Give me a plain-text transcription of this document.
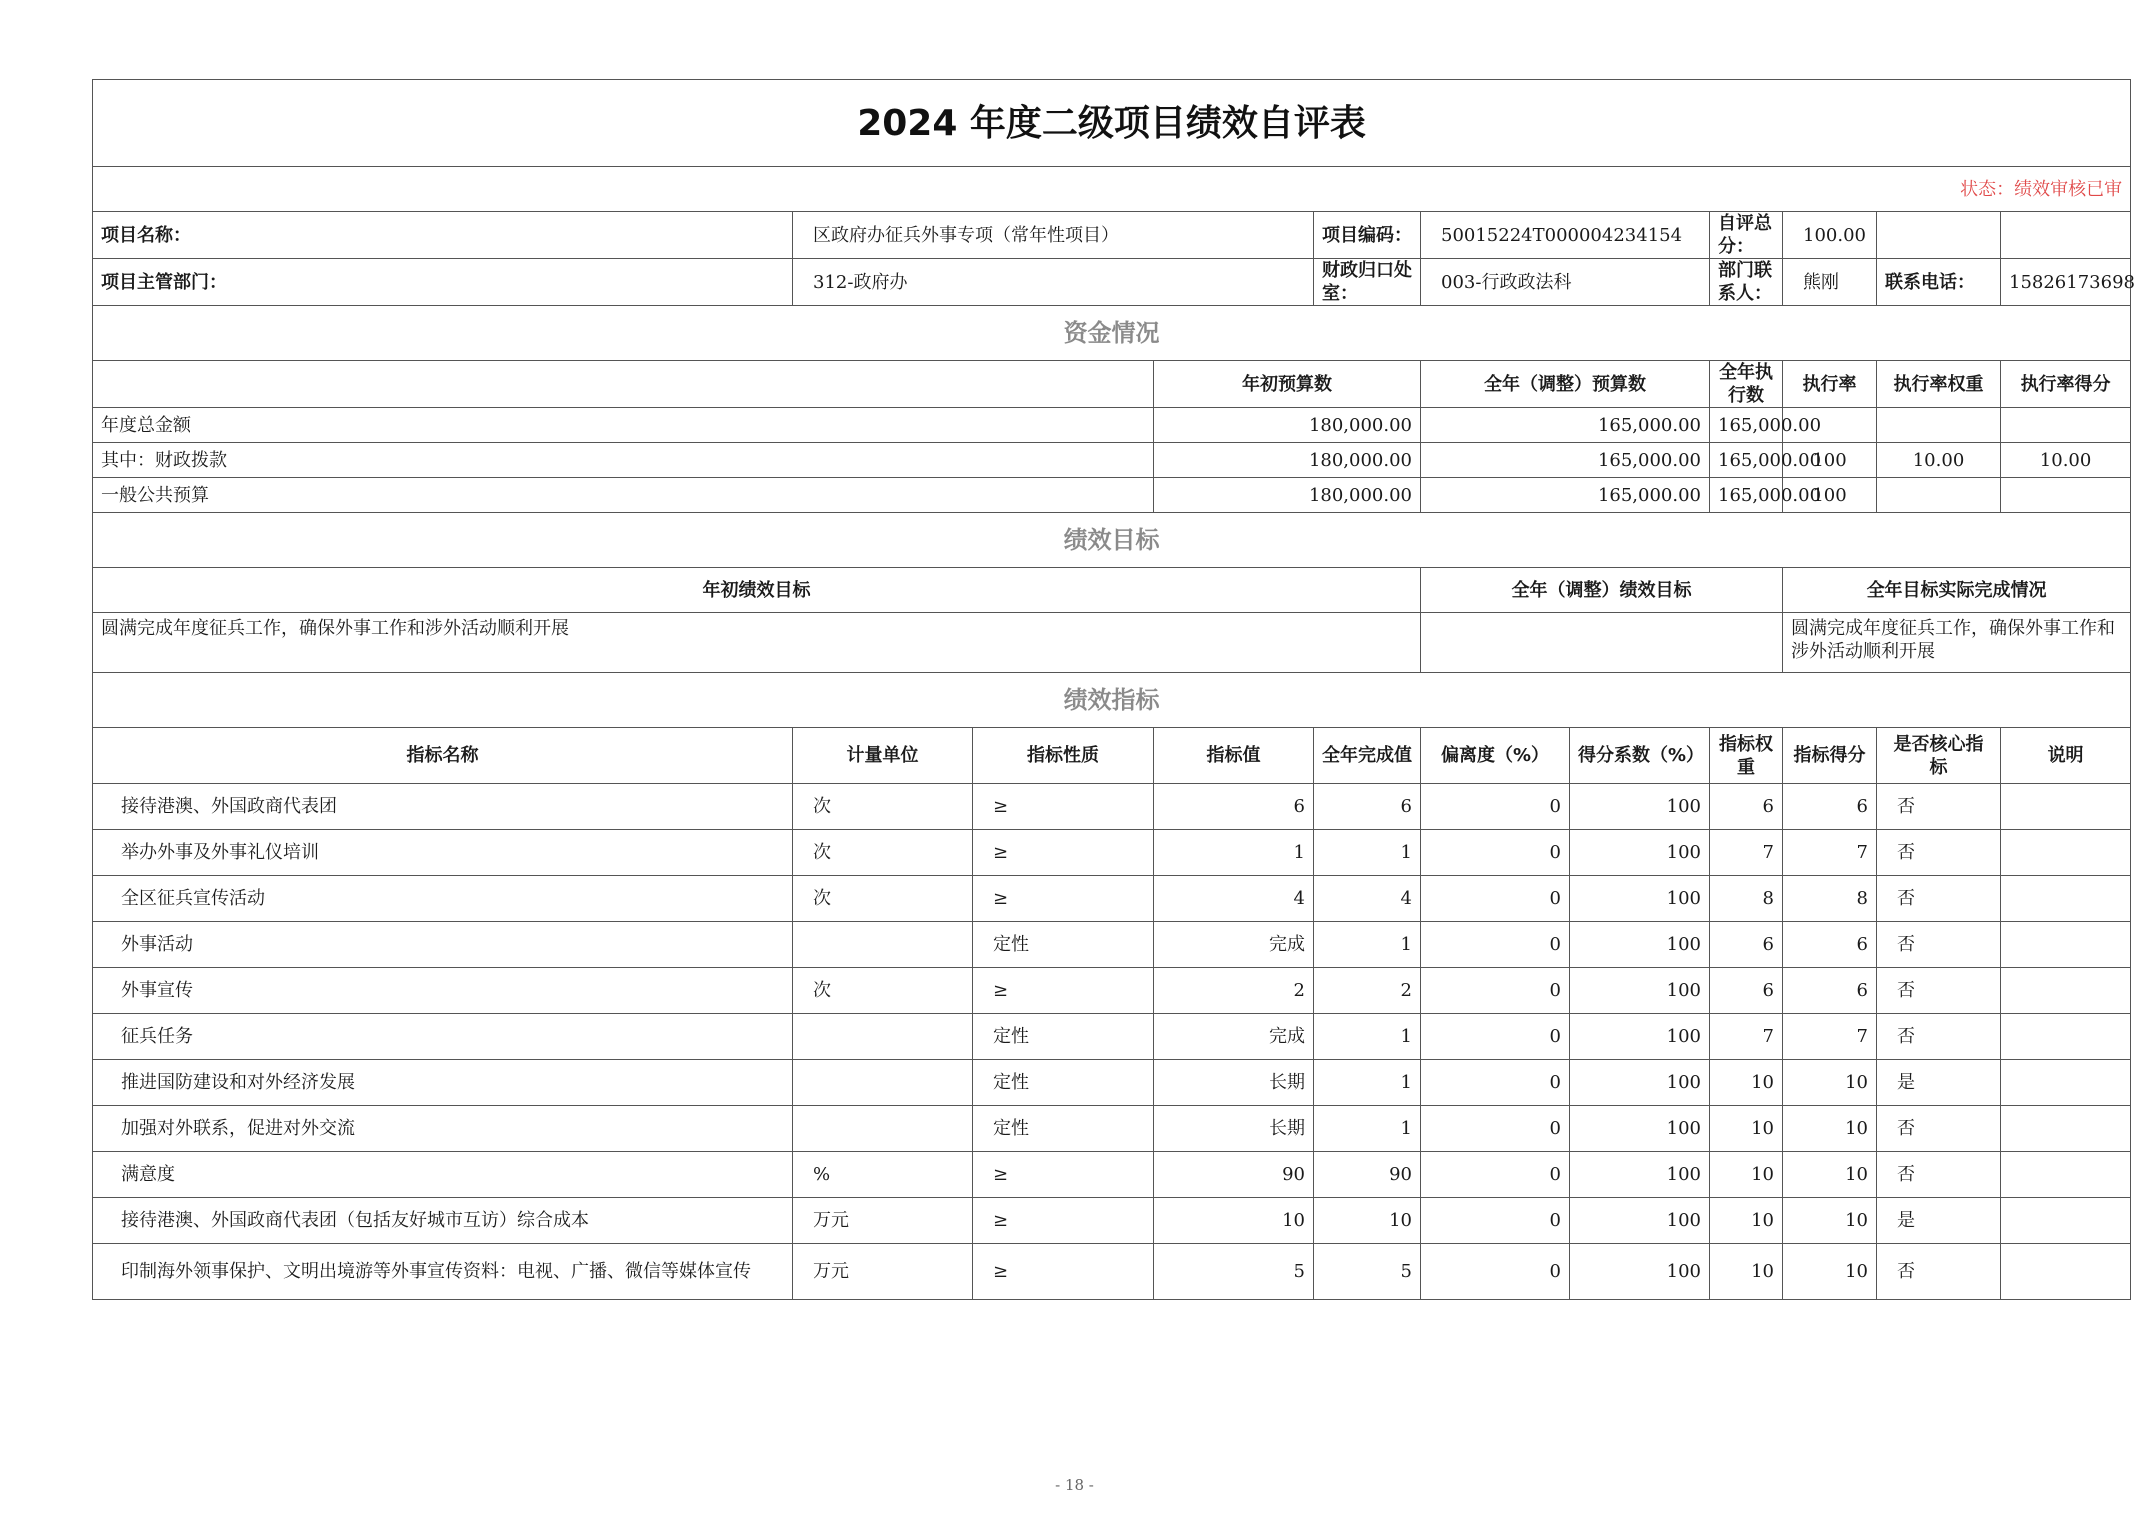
2024 年度二级项目绩效自评表										
状态：绩效审核已审										
项目名称：	区政府办征兵外事专项（常年性项目）			项目编码：	50015224T000004234154		自评总分：	100.00		
项目主管部门：	312-政府办			财政归口处室：	003-行政政法科		部门联系人：	熊刚	联系电话：	15826173698
资金情况										
			年初预算数		全年（调整）预算数		全年执行数	执行率	执行率权重	执行率得分
年度总金额			180,000.00		165,000.00		165,000.00			
其中：财政拨款			180,000.00		165,000.00		165,000.00	100	10.00	10.00
一般公共预算			180,000.00		165,000.00		165,000.00	100		
绩效目标										
年初绩效目标					全年（调整）绩效目标			全年目标实际完成情况		
圆满完成年度征兵工作，确保外事工作和涉外活动顺利开展								圆满完成年度征兵工作，确保外事工作和涉外活动顺利开展		
绩效指标										
指标名称	计量单位	指标性质	指标值	全年完成值	偏离度（%）	得分系数（%）	指标权重	指标得分	是否核心指标	说明
接待港澳、外国政商代表团	次	≥	6	6	0	100	6	6	否	
举办外事及外事礼仪培训	次	≥	1	1	0	100	7	7	否	
全区征兵宣传活动	次	≥	4	4	0	100	8	8	否	
外事活动		定性	完成	1	0	100	6	6	否	
外事宣传	次	≥	2	2	0	100	6	6	否	
征兵任务		定性	完成	1	0	100	7	7	否	
推进国防建设和对外经济发展		定性	长期	1	0	100	10	10	是	
加强对外联系，促进对外交流		定性	长期	1	0	100	10	10	否	
满意度	%	≥	90	90	0	100	10	10	否	
接待港澳、外国政商代表团（包括友好城市互访）综合成本	万元	≥	10	10	0	100	10	10	是	
印制海外领事保护、文明出境游等外事宣传资料：电视、广播、微信等媒体宣传	万元	≥	5	5	0	100	10	10	否	
- 18 -
